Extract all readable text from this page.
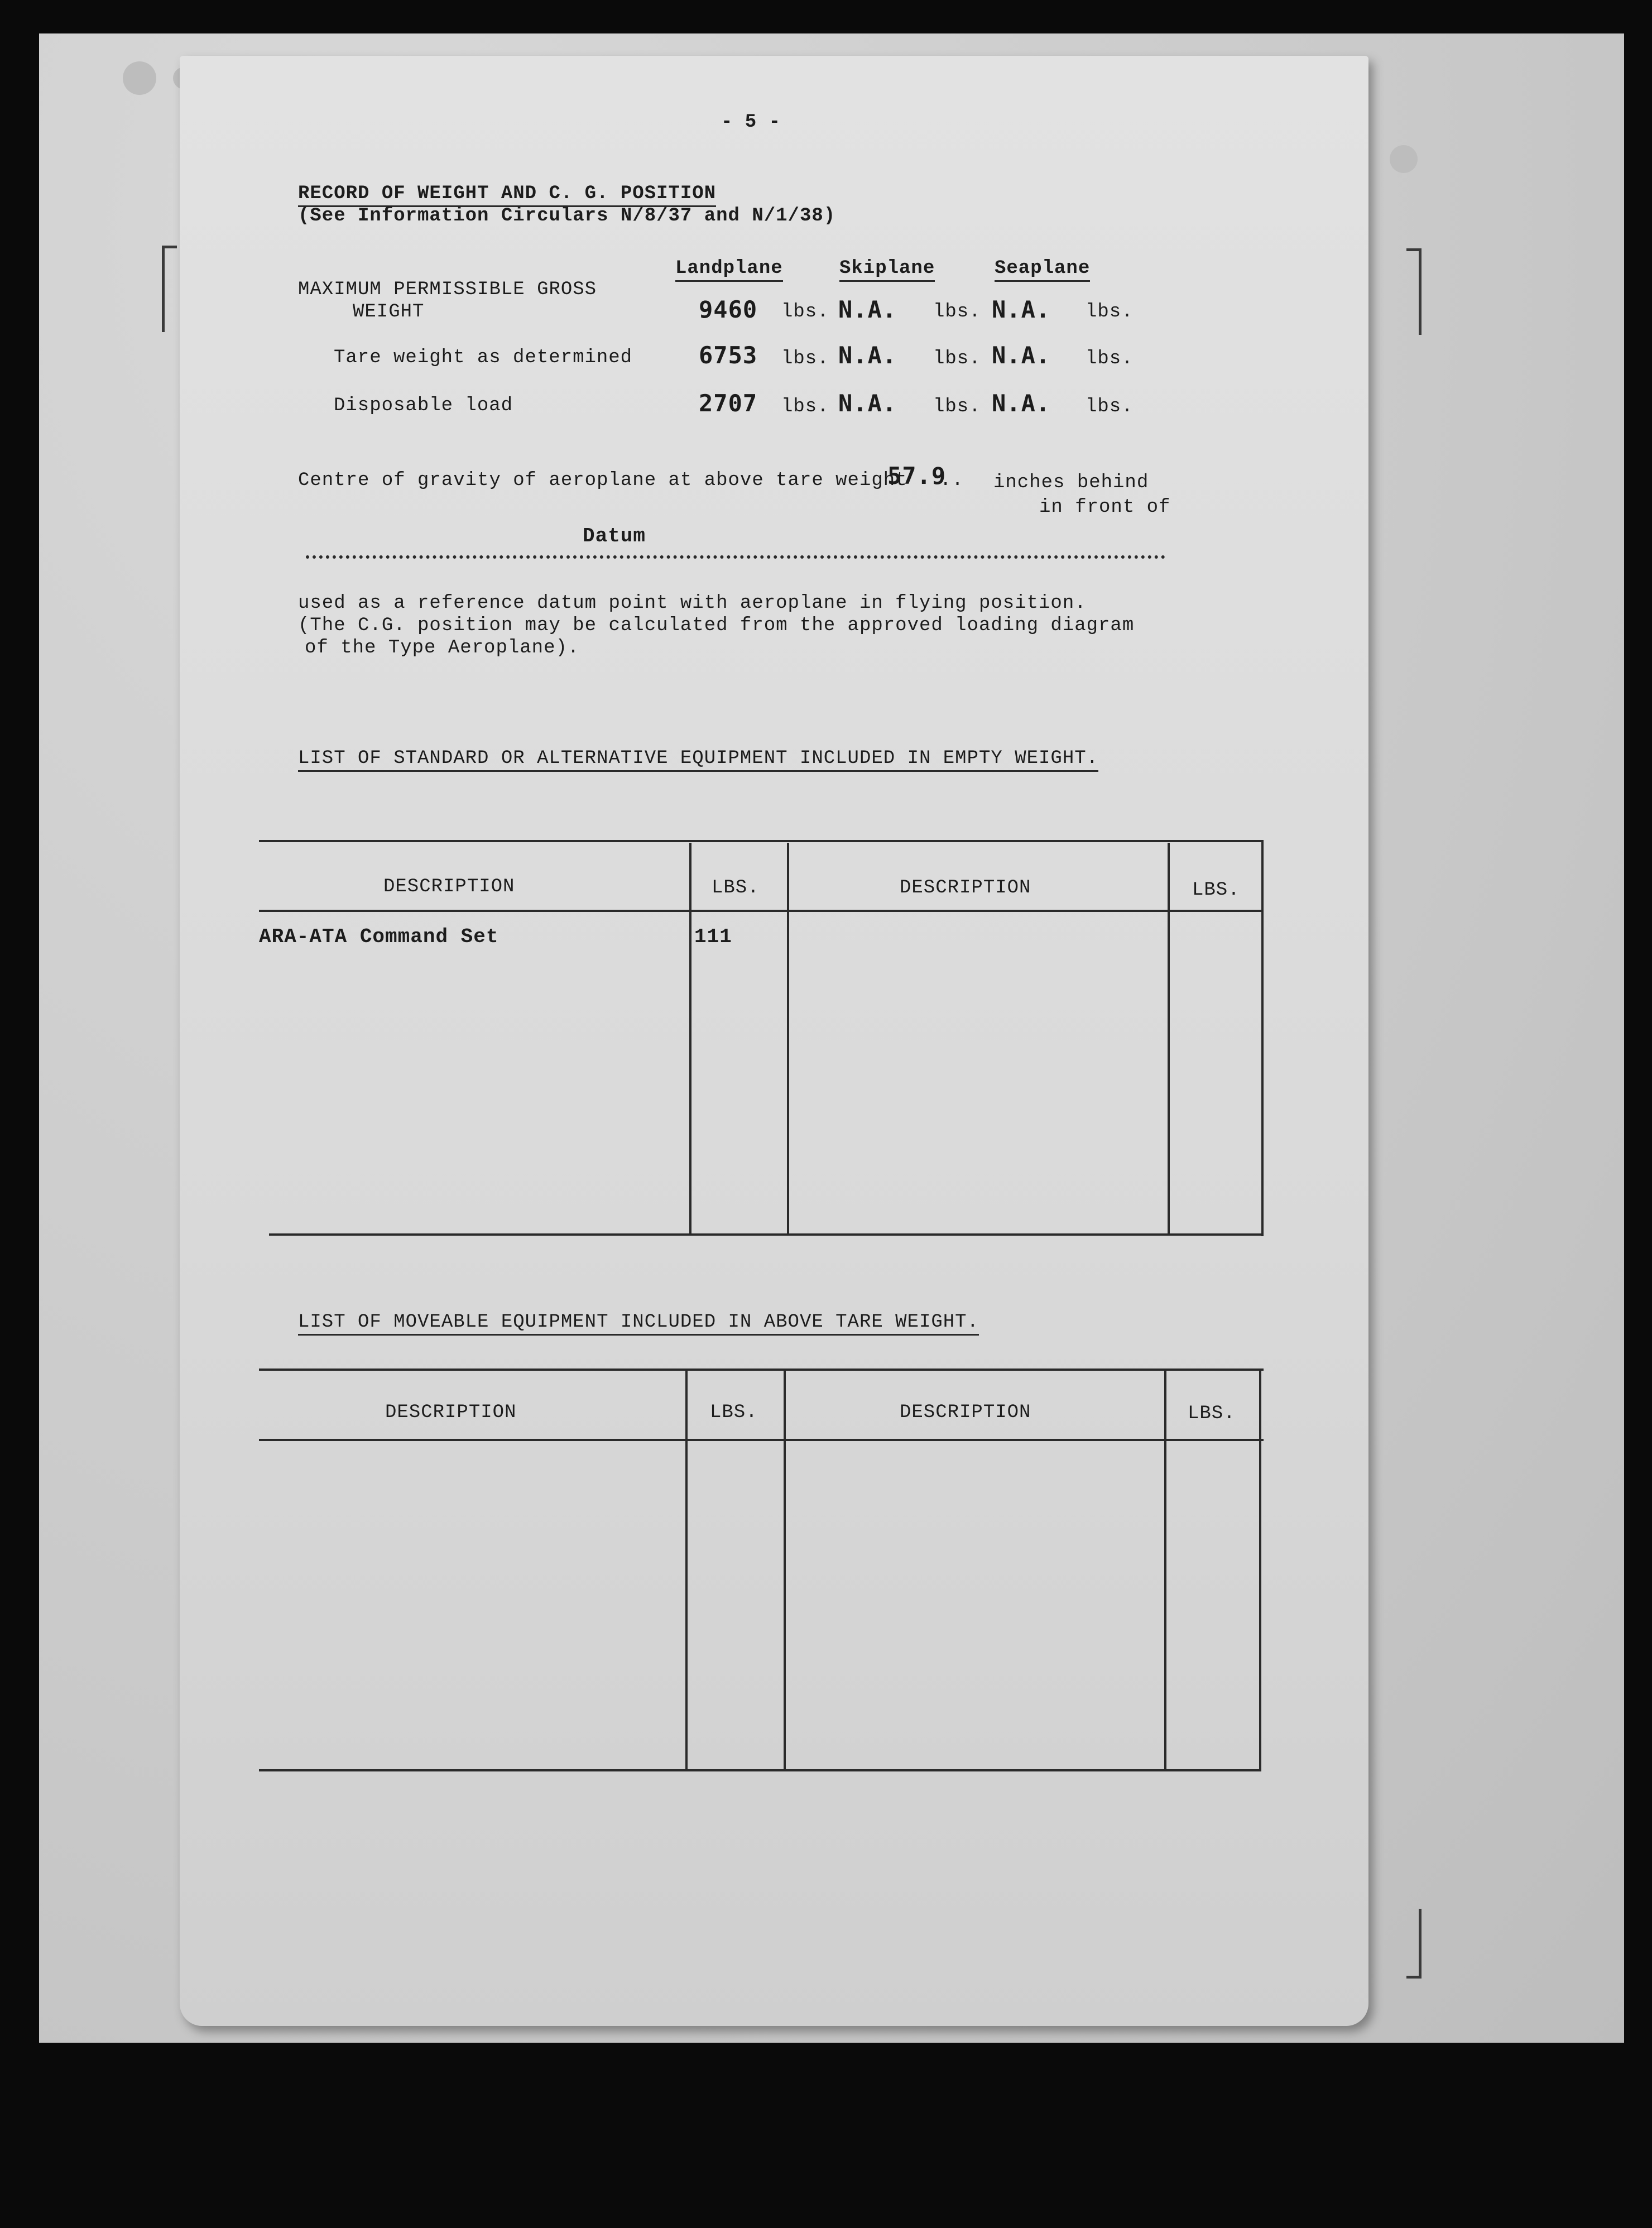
- 5 -
RECORD OF WEIGHT AND C. G. POSITION
(See Information Circulars N/8/37 and N/1/38)
Landplane	Skiplane	Seaplane
MAXIMUM PERMISSIBLE GROSS
WEIGHT	9460 lbs. N.A. lbs. N.A. lbs.
Tare weight as determined	6753 lbs. N.A. lbs. N.A. lbs.
Disposable load	2707 lbs. N.A. lbs. N.A. lbs.
Centre of gravity of aeroplane at above tare weight
57.9
.. inches behind
in front of
Datum
used as a reference datum point with aeroplane in flying position.
(The C.G. position may be calculated from the approved loading diagram
of the Type Aeroplane).
LIST OF STANDARD OR ALTERNATIVE EQUIPMENT INCLUDED IN EMPTY WEIGHT.
DESCRIPTION	LBS.	DESCRIPTION	LBS.
ARA-ATA Command Set	111
LIST OF MOVEABLE EQUIPMENT INCLUDED IN ABOVE TARE WEIGHT.
DESCRIPTION	LBS.	DESCRIPTION	LBS.
